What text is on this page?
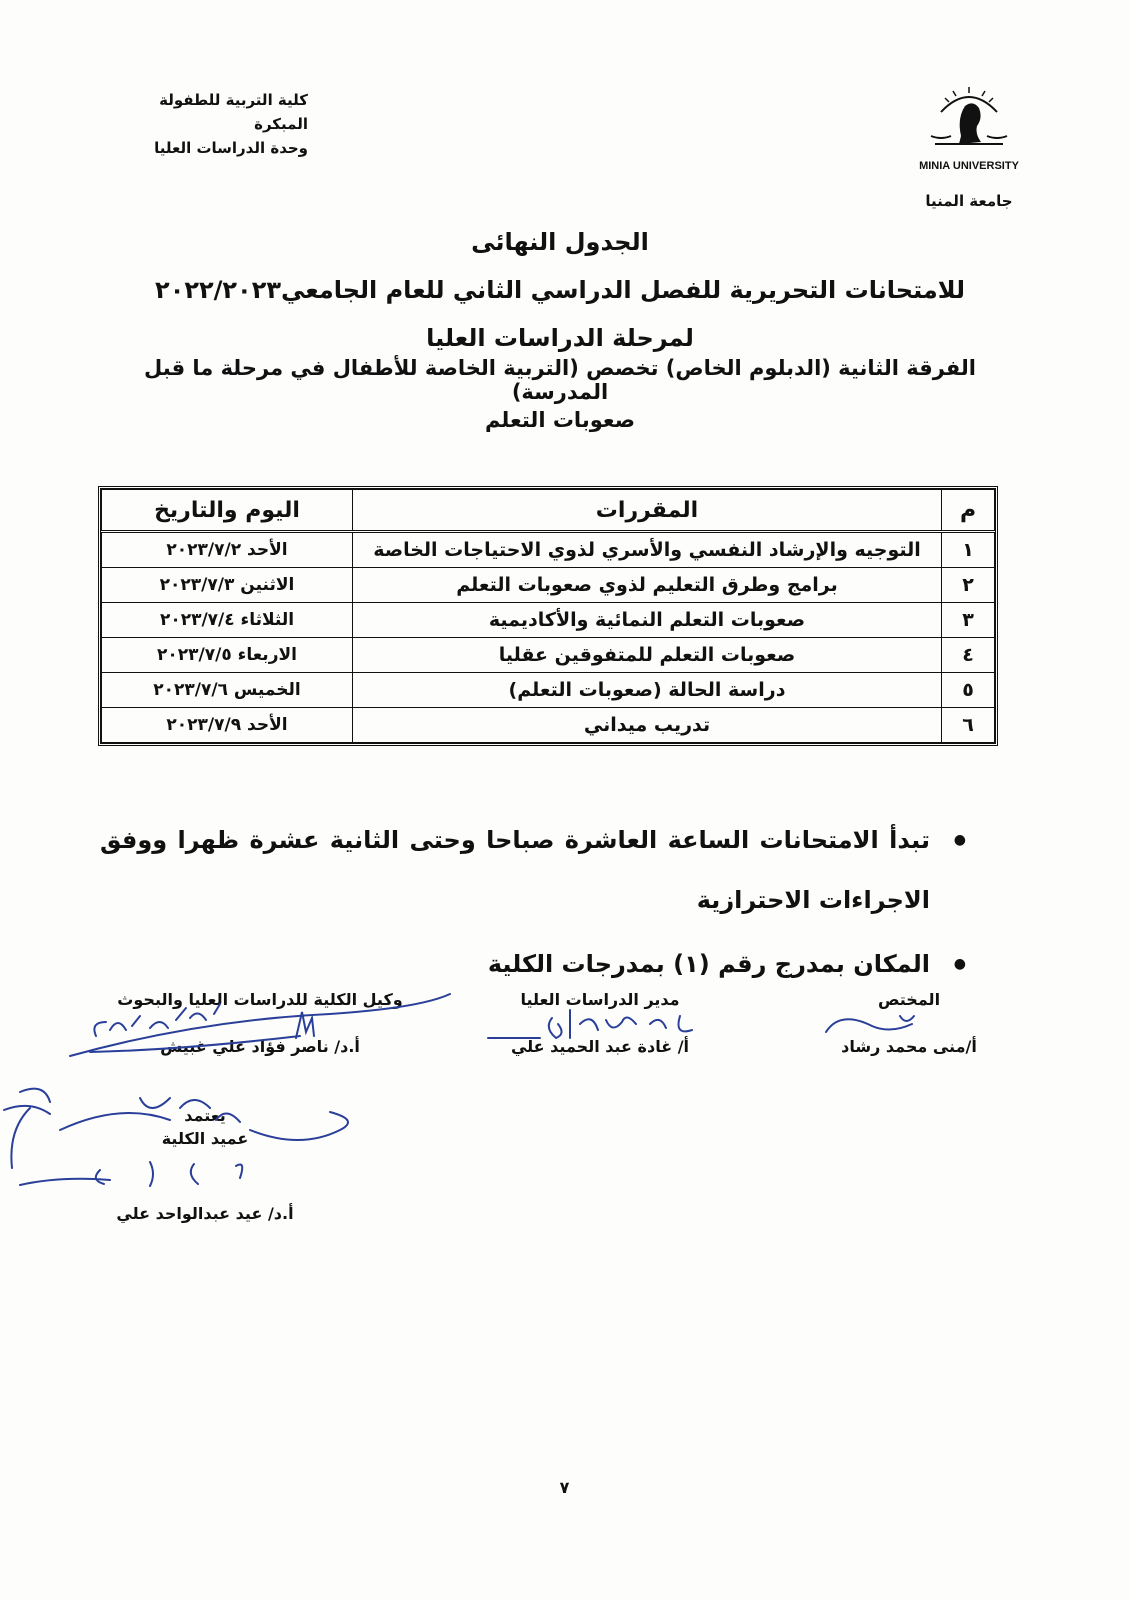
MINIA UNIVERSITY
جامعة المنيا
كلية التربية للطفولة المبكرة
وحدة الدراسات العليا
الجدول النهائى
للامتحانات التحريرية للفصل الدراسي الثاني للعام الجامعي٢٠٢٢/٢٠٢٣
لمرحلة الدراسات العليا
الفرقة الثانية (الدبلوم الخاص) تخصص (التربية الخاصة للأطفال في مرحلة ما قبل المدرسة)
صعوبات التعلم
م	المقررات	اليوم والتاريخ
١	التوجيه والإرشاد النفسي والأسري لذوي الاحتياجات الخاصة	الأحد ٢٠٢٣/٧/٢
٢	برامج وطرق التعليم لذوي صعوبات التعلم	الاثنين ٢٠٢٣/٧/٣
٣	صعوبات التعلم النمائية والأكاديمية	الثلاثاء ٢٠٢٣/٧/٤
٤	صعوبات التعلم للمتفوقين عقليا	الاربعاء ٢٠٢٣/٧/٥
٥	دراسة الحالة (صعوبات التعلم)	الخميس ٢٠٢٣/٧/٦
٦	تدريب ميداني	الأحد ٢٠٢٣/٧/٩
● تبدأ الامتحانات الساعة العاشرة صباحا وحتى الثانية عشرة ظهرا ووفق الاجراءات الاحترازية
● المكان بمدرج رقم (١) بمدرجات الكلية
المختص
أ/منى محمد رشاد
مدير الدراسات العليا
أ/ غادة عبد الحميد علي
وكيل الكلية للدراسات العليا والبحوث
أ.د/ ناصر فؤاد علي غبيش
يعتمد
عميد الكلية
أ.د/ عيد عبدالواحد علي
٧
